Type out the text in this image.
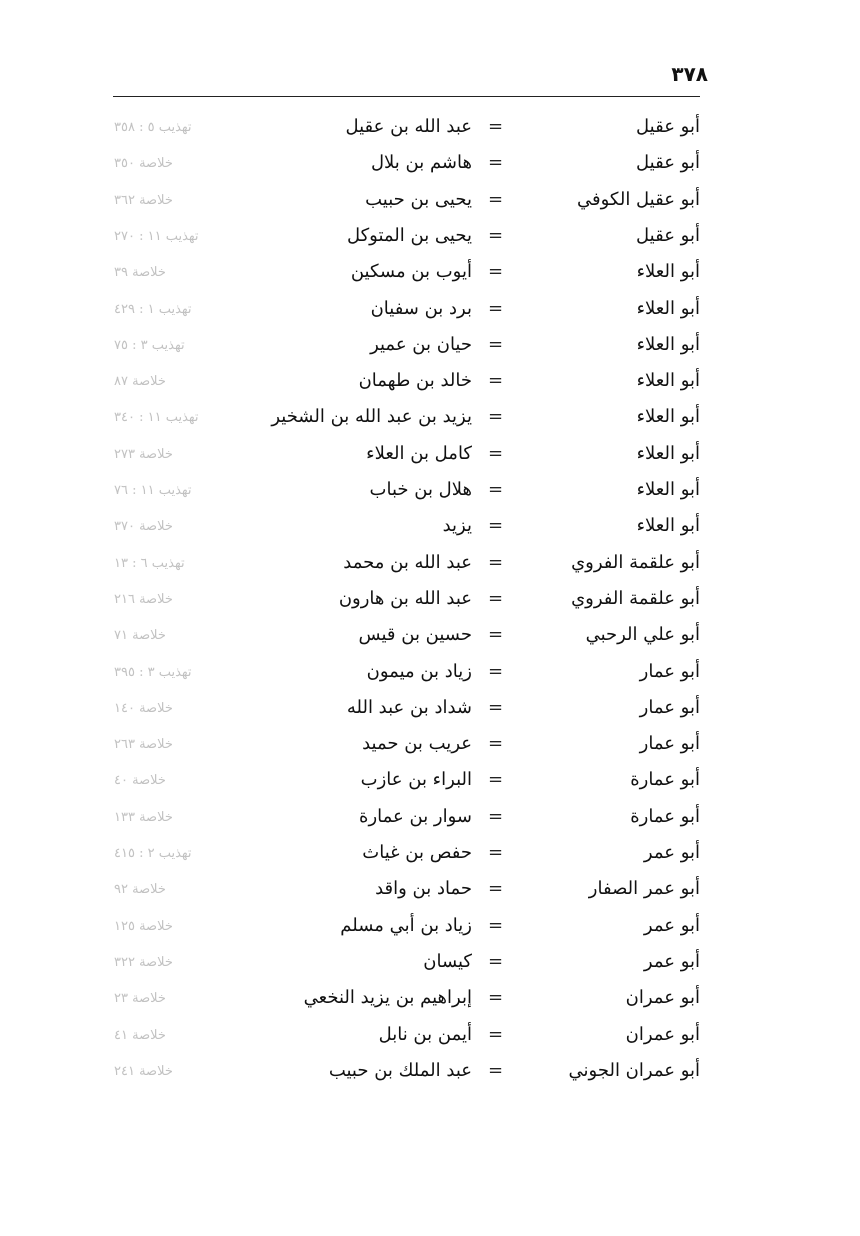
٣٧٨
أبو عقيل
=
عبد الله بن عقيل
تهذيب ٥ : ٣٥٨
أبو عقيل
=
هاشم بن بلال
خلاصة ٣٥٠
أبو عقيل الكوفي
=
يحيى بن حبيب
خلاصة ٣٦٢
أبو عقيل
=
يحيى بن المتوكل
تهذيب ١١ : ٢٧٠
أبو العلاء
=
أيوب بن مسكين
خلاصة ٣٩
أبو العلاء
=
برد بن سفيان
تهذيب ١ : ٤٢٩
أبو العلاء
=
حيان بن عمير
تهذيب ٣ : ٧٥
أبو العلاء
=
خالد بن طهمان
خلاصة ٨٧
أبو العلاء
=
يزيد بن عبد الله بن الشخير
تهذيب ١١ : ٣٤٠
أبو العلاء
=
كامل بن العلاء
خلاصة ٢٧٣
أبو العلاء
=
هلال بن خباب
تهذيب ١١ : ٧٦
أبو العلاء
=
يزيد
خلاصة ٣٧٠
أبو علقمة الفروي
=
عبد الله بن محمد
تهذيب ٦ : ١٣
أبو علقمة الفروي
=
عبد الله بن هارون
خلاصة ٢١٦
أبو علي الرحبي
=
حسين بن قيس
خلاصة ٧١
أبو عمار
=
زياد بن ميمون
تهذيب ٣ : ٣٩٥
أبو عمار
=
شداد بن عبد الله
خلاصة ١٤٠
أبو عمار
=
عريب بن حميد
خلاصة ٢٦٣
أبو عمارة
=
البراء بن عازب
خلاصة ٤٠
أبو عمارة
=
سوار بن عمارة
خلاصة ١٣٣
أبو عمر
=
حفص بن غياث
تهذيب ٢ : ٤١٥
أبو عمر الصفار
=
حماد بن واقد
خلاصة ٩٢
أبو عمر
=
زياد بن أبي مسلم
خلاصة ١٢٥
أبو عمر
=
كيسان
خلاصة ٣٢٢
أبو عمران
=
إبراهيم بن يزيد النخعي
خلاصة ٢٣
أبو عمران
=
أيمن بن نابل
خلاصة ٤١
أبو عمران الجوني
=
عبد الملك بن حبيب
خلاصة ٢٤١
